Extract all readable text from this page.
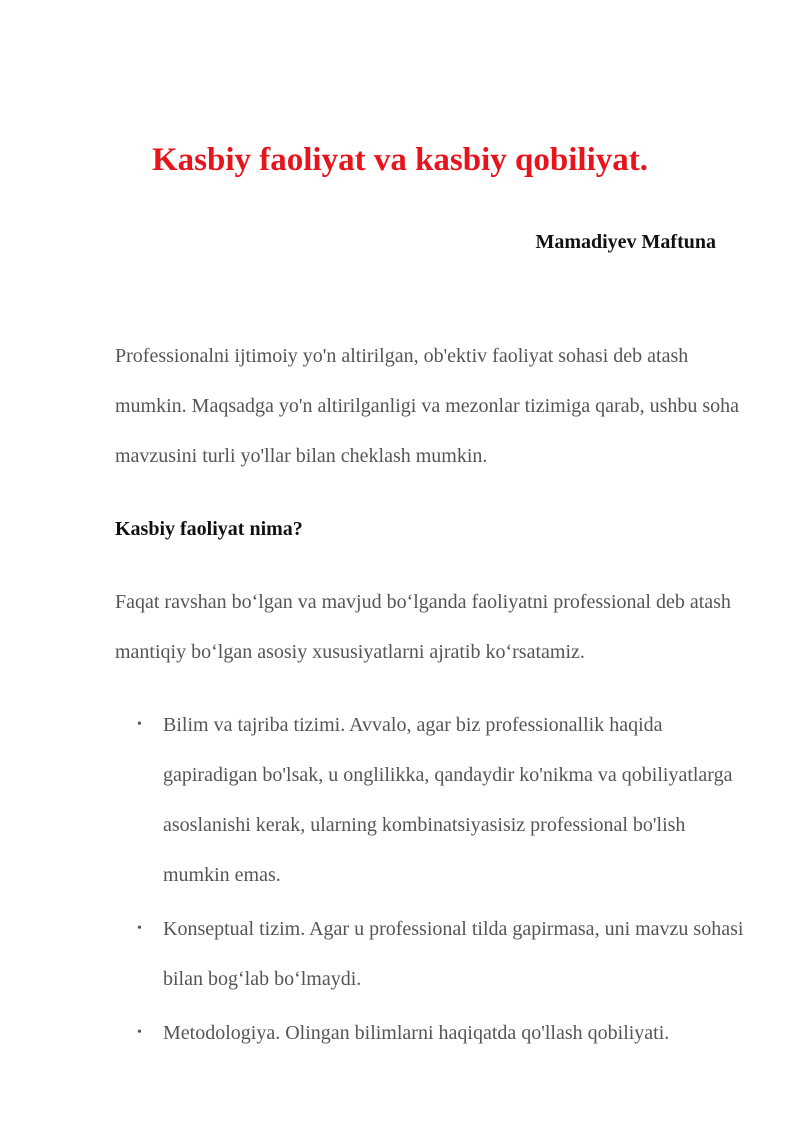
Kasbiy faoliyat va kasbiy qobiliyat.

Mamadiyev Maftuna

Professionalni ijtimoiy yo'n altirilgan, ob'ektiv faoliyat sohasi deb atash mumkin. Maqsadga yo'n altirilganligi va mezonlar tizimiga qarab, ushbu soha mavzusini turli yo'llar bilan cheklash mumkin.

Kasbiy faoliyat nima?

Faqat ravshan bo‘lgan va mavjud bo‘lganda faoliyatni professional deb atash mantiqiy bo‘lgan asosiy xususiyatlarni ajratib ko‘rsatamiz.

• Bilim va tajriba tizimi. Avvalo, agar biz professionallik haqida gapiradigan bo'lsak, u onglilikka, qandaydir ko'nikma va qobiliyatlarga asoslanishi kerak, ularning kombinatsiyasisiz professional bo'lish mumkin emas.
• Konseptual tizim. Agar u professional tilda gapirmasa, uni mavzu sohasi bilan bog‘lab bo‘lmaydi.
• Metodologiya. Olingan bilimlarni haqiqatda qo'llash qobiliyati.
